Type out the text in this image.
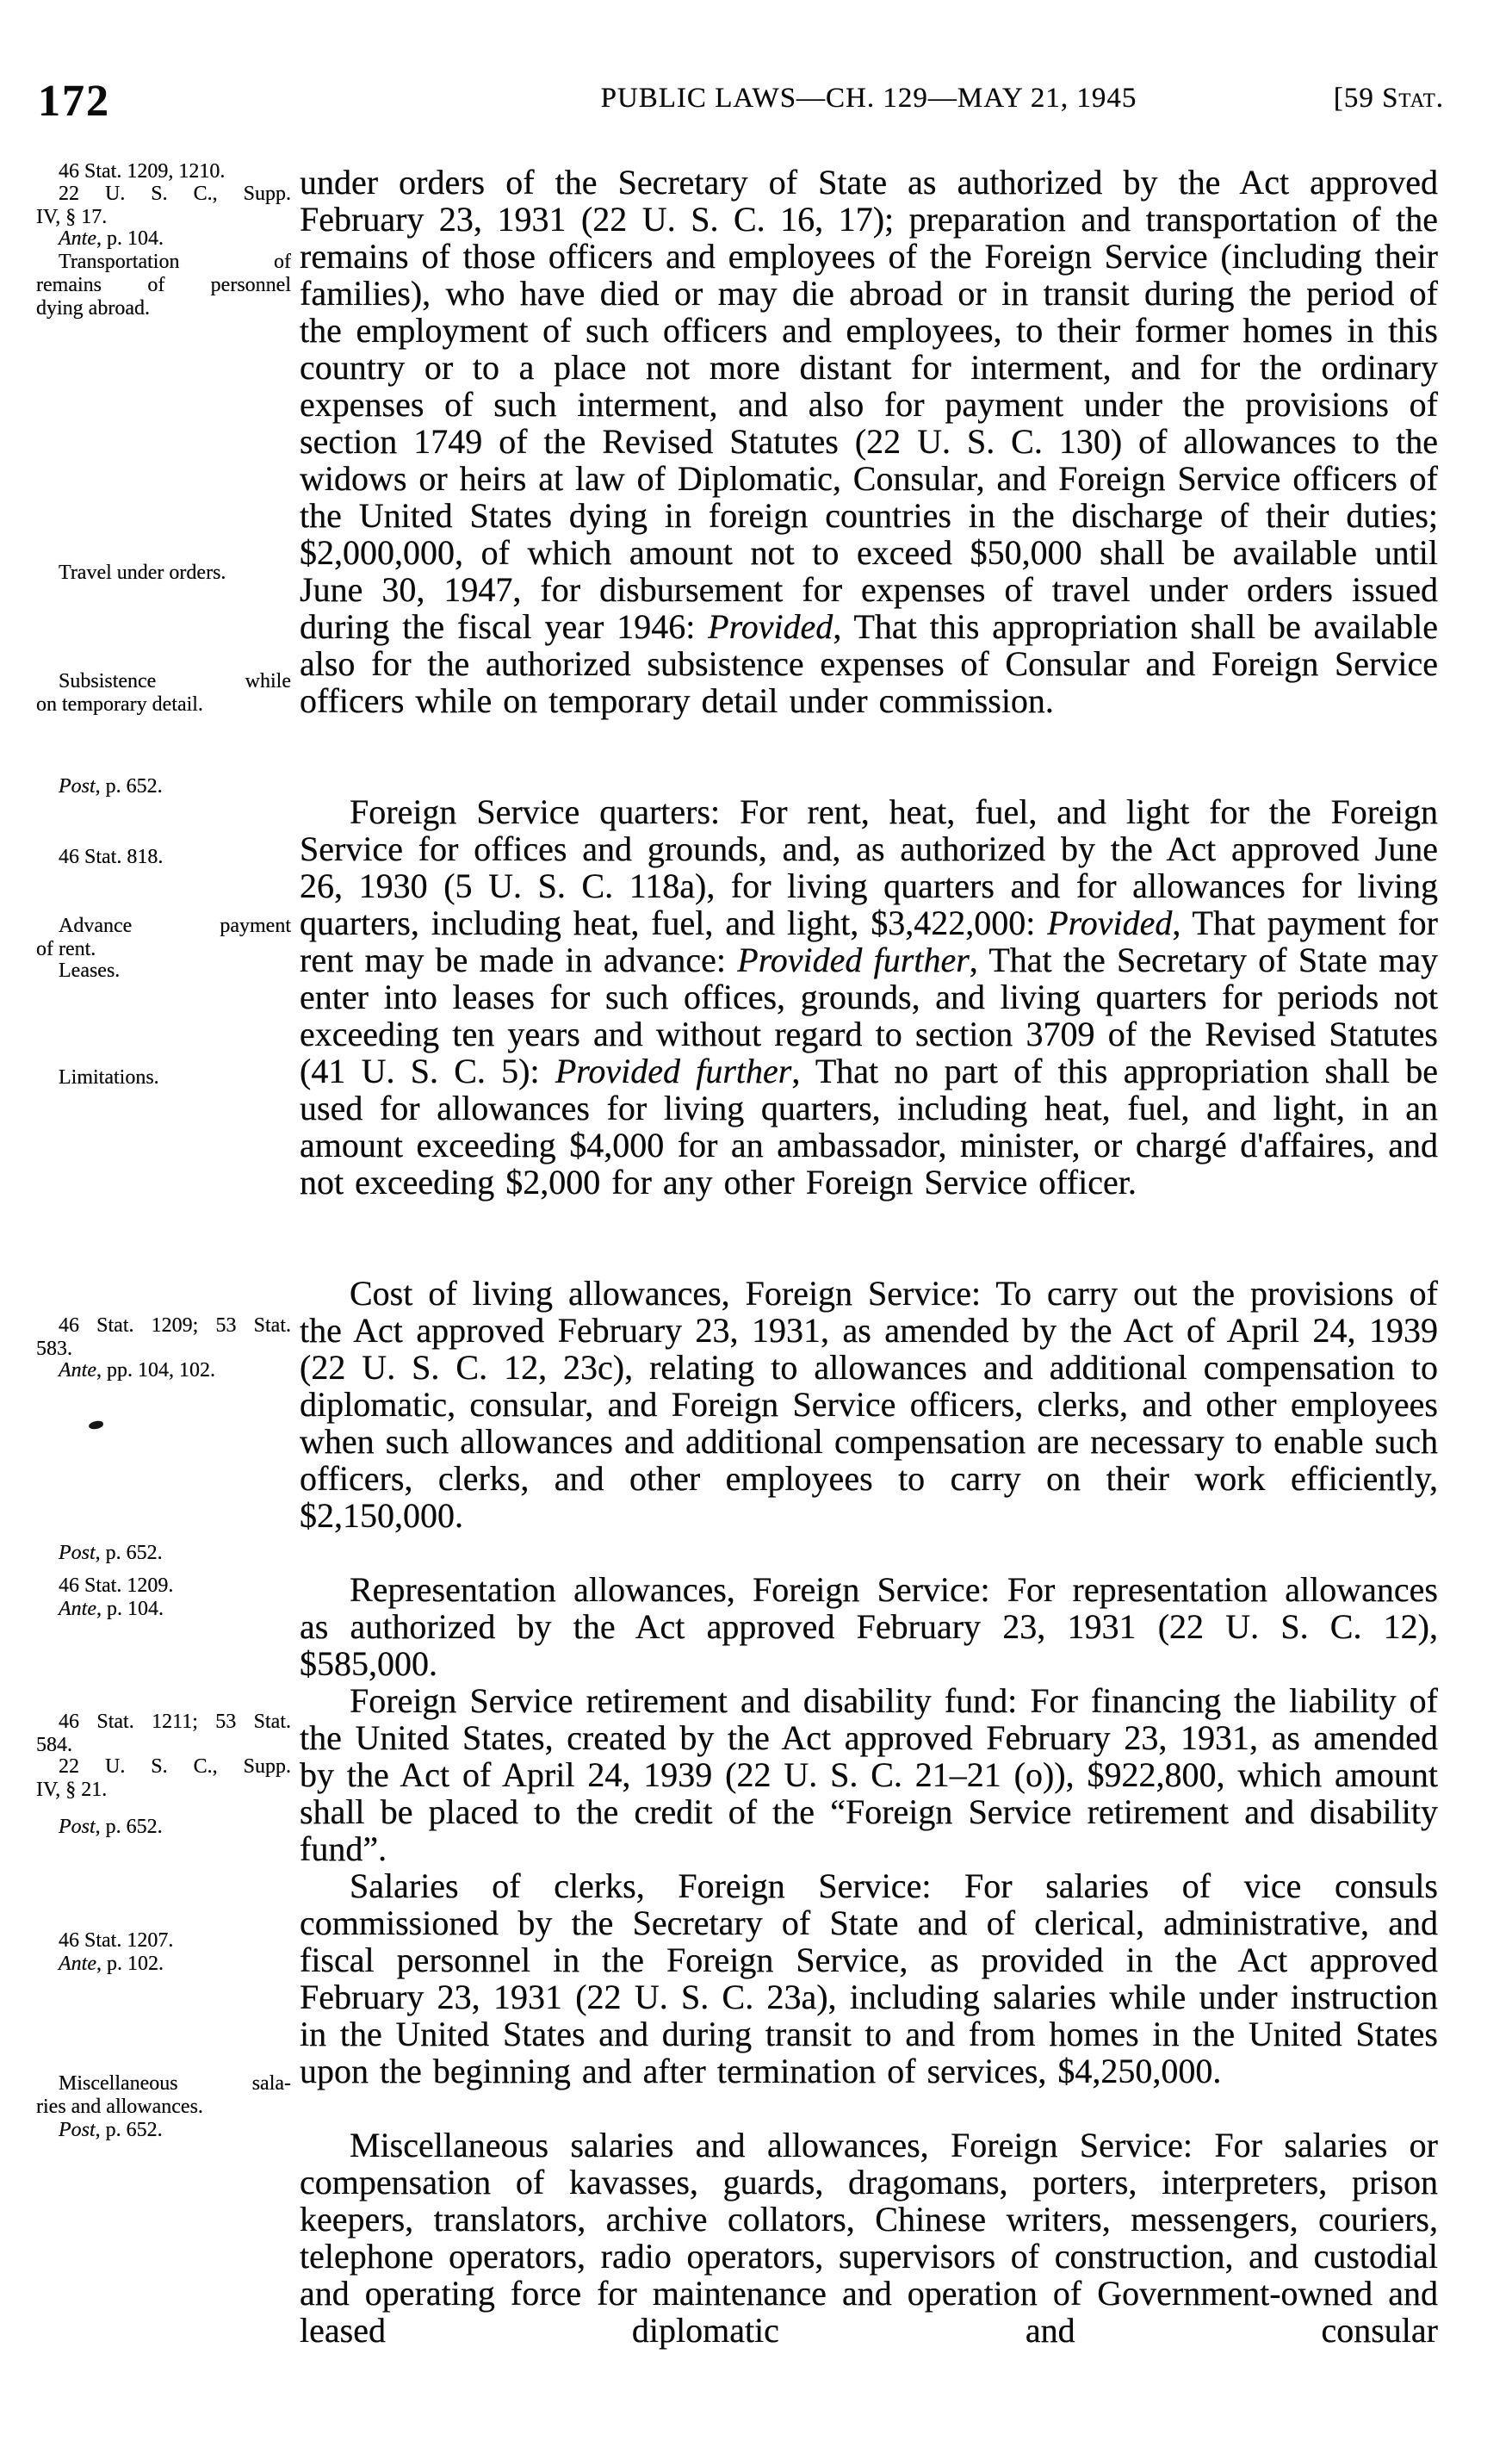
172	PUBLIC LAWS—CH. 129—MAY 21, 1945	[59 Stat.
46 Stat. 1209, 1210.
22 U. S. C., Supp.
IV, § 17.
Ante, p. 104.
Transportation of
remains of personnel
dying abroad.
Travel under orders.
Subsistence while
on temporary detail.
Post, p. 652.
46 Stat. 818.
Advance payment
of rent.
Leases.
Limitations.
46 Stat. 1209; 53 Stat.
583.
Ante, pp. 104, 102.
Post, p. 652.
46 Stat. 1209.
Ante, p. 104.
46 Stat. 1211; 53 Stat.
584.
22 U. S. C., Supp.
IV, § 21.
Post, p. 652.
46 Stat. 1207.
Ante, p. 102.
Miscellaneous sala-
ries and allowances.
Post, p. 652.

under orders of the Secretary of State as authorized by the Act approved February 23, 1931 (22 U. S. C. 16, 17); preparation and transportation of the remains of those officers and employees of the Foreign Service (including their families), who have died or may die abroad or in transit during the period of the employment of such officers and employees, to their former homes in this country or to a place not more distant for interment, and for the ordinary expenses of such interment, and also for payment under the provisions of section 1749 of the Revised Statutes (22 U. S. C. 130) of allowances to the widows or heirs at law of Diplomatic, Consular, and Foreign Service officers of the United States dying in foreign countries in the discharge of their duties; $2,000,000, of which amount not to exceed $50,000 shall be available until June 30, 1947, for disbursement for expenses of travel under orders issued during the fiscal year 1946: Provided, That this appropriation shall be available also for the authorized subsistence expenses of Consular and Foreign Service officers while on temporary detail under commission.

Foreign Service quarters: For rent, heat, fuel, and light for the Foreign Service for offices and grounds, and, as authorized by the Act approved June 26, 1930 (5 U. S. C. 118a), for living quarters and for allowances for living quarters, including heat, fuel, and light, $3,422,000: Provided, That payment for rent may be made in advance: Provided further, That the Secretary of State may enter into leases for such offices, grounds, and living quarters for periods not exceeding ten years and without regard to section 3709 of the Revised Statutes (41 U. S. C. 5): Provided further, That no part of this appropriation shall be used for allowances for living quarters, including heat, fuel, and light, in an amount exceeding $4,000 for an ambassador, minister, or chargé d'affaires, and not exceeding $2,000 for any other Foreign Service officer.

Cost of living allowances, Foreign Service: To carry out the provisions of the Act approved February 23, 1931, as amended by the Act of April 24, 1939 (22 U. S. C. 12, 23c), relating to allowances and additional compensation to diplomatic, consular, and Foreign Service officers, clerks, and other employees when such allowances and additional compensation are necessary to enable such officers, clerks, and other employees to carry on their work efficiently, $2,150,000.

Representation allowances, Foreign Service: For representation allowances as authorized by the Act approved February 23, 1931 (22 U. S. C. 12), $585,000.

Foreign Service retirement and disability fund: For financing the liability of the United States, created by the Act approved February 23, 1931, as amended by the Act of April 24, 1939 (22 U. S. C. 21–21 (o)), $922,800, which amount shall be placed to the credit of the “Foreign Service retirement and disability fund”.

Salaries of clerks, Foreign Service: For salaries of vice consuls commissioned by the Secretary of State and of clerical, administrative, and fiscal personnel in the Foreign Service, as provided in the Act approved February 23, 1931 (22 U. S. C. 23a), including salaries while under instruction in the United States and during transit to and from homes in the United States upon the beginning and after termination of services, $4,250,000.

Miscellaneous salaries and allowances, Foreign Service: For salaries or compensation of kavasses, guards, dragomans, porters, interpreters, prison keepers, translators, archive collators, Chinese writers, messengers, couriers, telephone operators, radio operators, supervisors of construction, and custodial and operating force for maintenance and operation of Government-owned and leased diplomatic and consular
